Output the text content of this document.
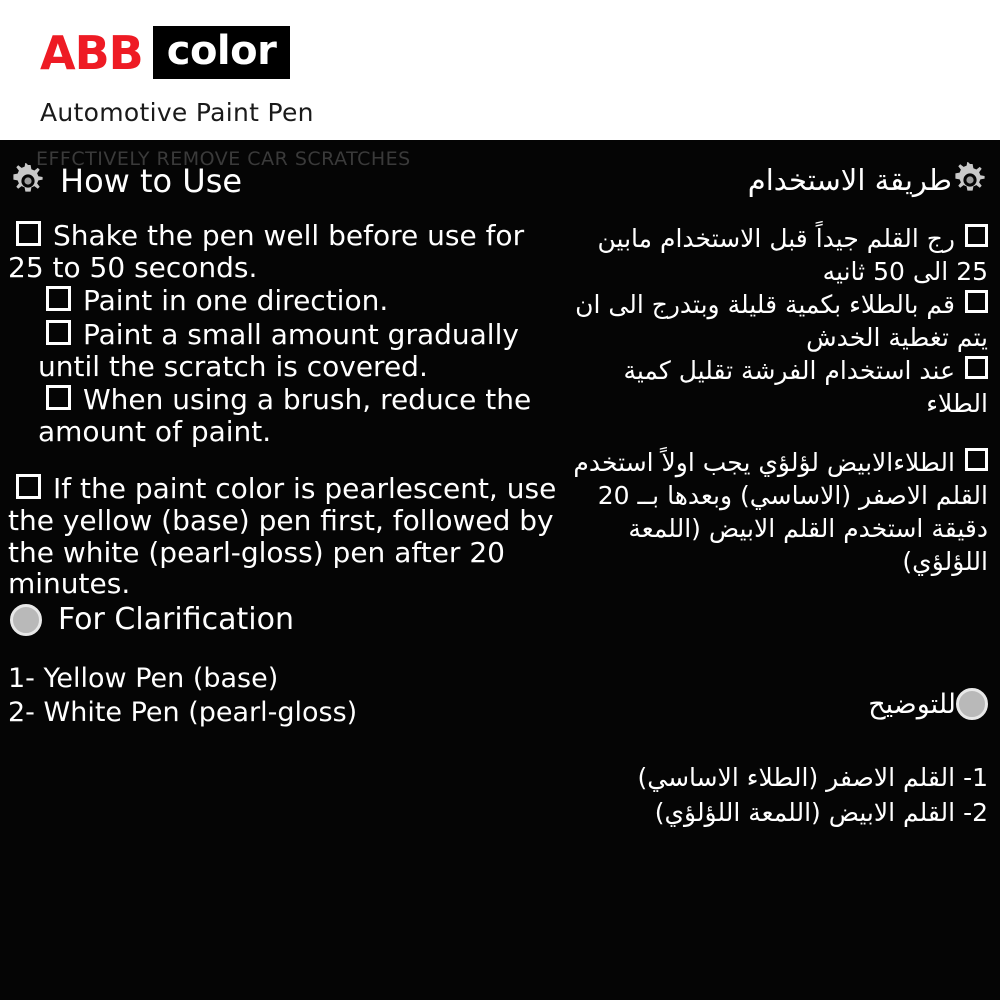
ABB color
Automotive Paint Pen
EFFCTIVELY REMOVE CAR SCRATCHES
How to Use	طريقة الاستخدام
Shake the pen well before use for 25 to 50 seconds.
Paint in one direction.
Paint a small amount gradually until the scratch is covered.
When using a brush, reduce the amount of paint.
If the paint color is pearlescent, use the yellow (base) pen first, followed by the white (pearl-gloss) pen after 20 minutes.
For Clarification
1- Yellow Pen (base)
2- White Pen (pearl-gloss)
رج القلم جيداً قبل الاستخدام مابين 25 الى 50 ثانيه
قم بالطلاء بكمية قليلة وبتدرج الى ان يتم تغطية الخدش
عند استخدام الفرشة تقليل كمية الطلاء
الطلاءالابيض لؤلؤي يجب اولاً استخدم القلم الاصفر (الاساسي) وبعدها بــ 20 دقيقة استخدم القلم الابيض (اللمعة اللؤلؤي)
للتوضيح
1- القلم الاصفر (الطلاء الاساسي)
2- القلم الابيض (اللمعة اللؤلؤي)
